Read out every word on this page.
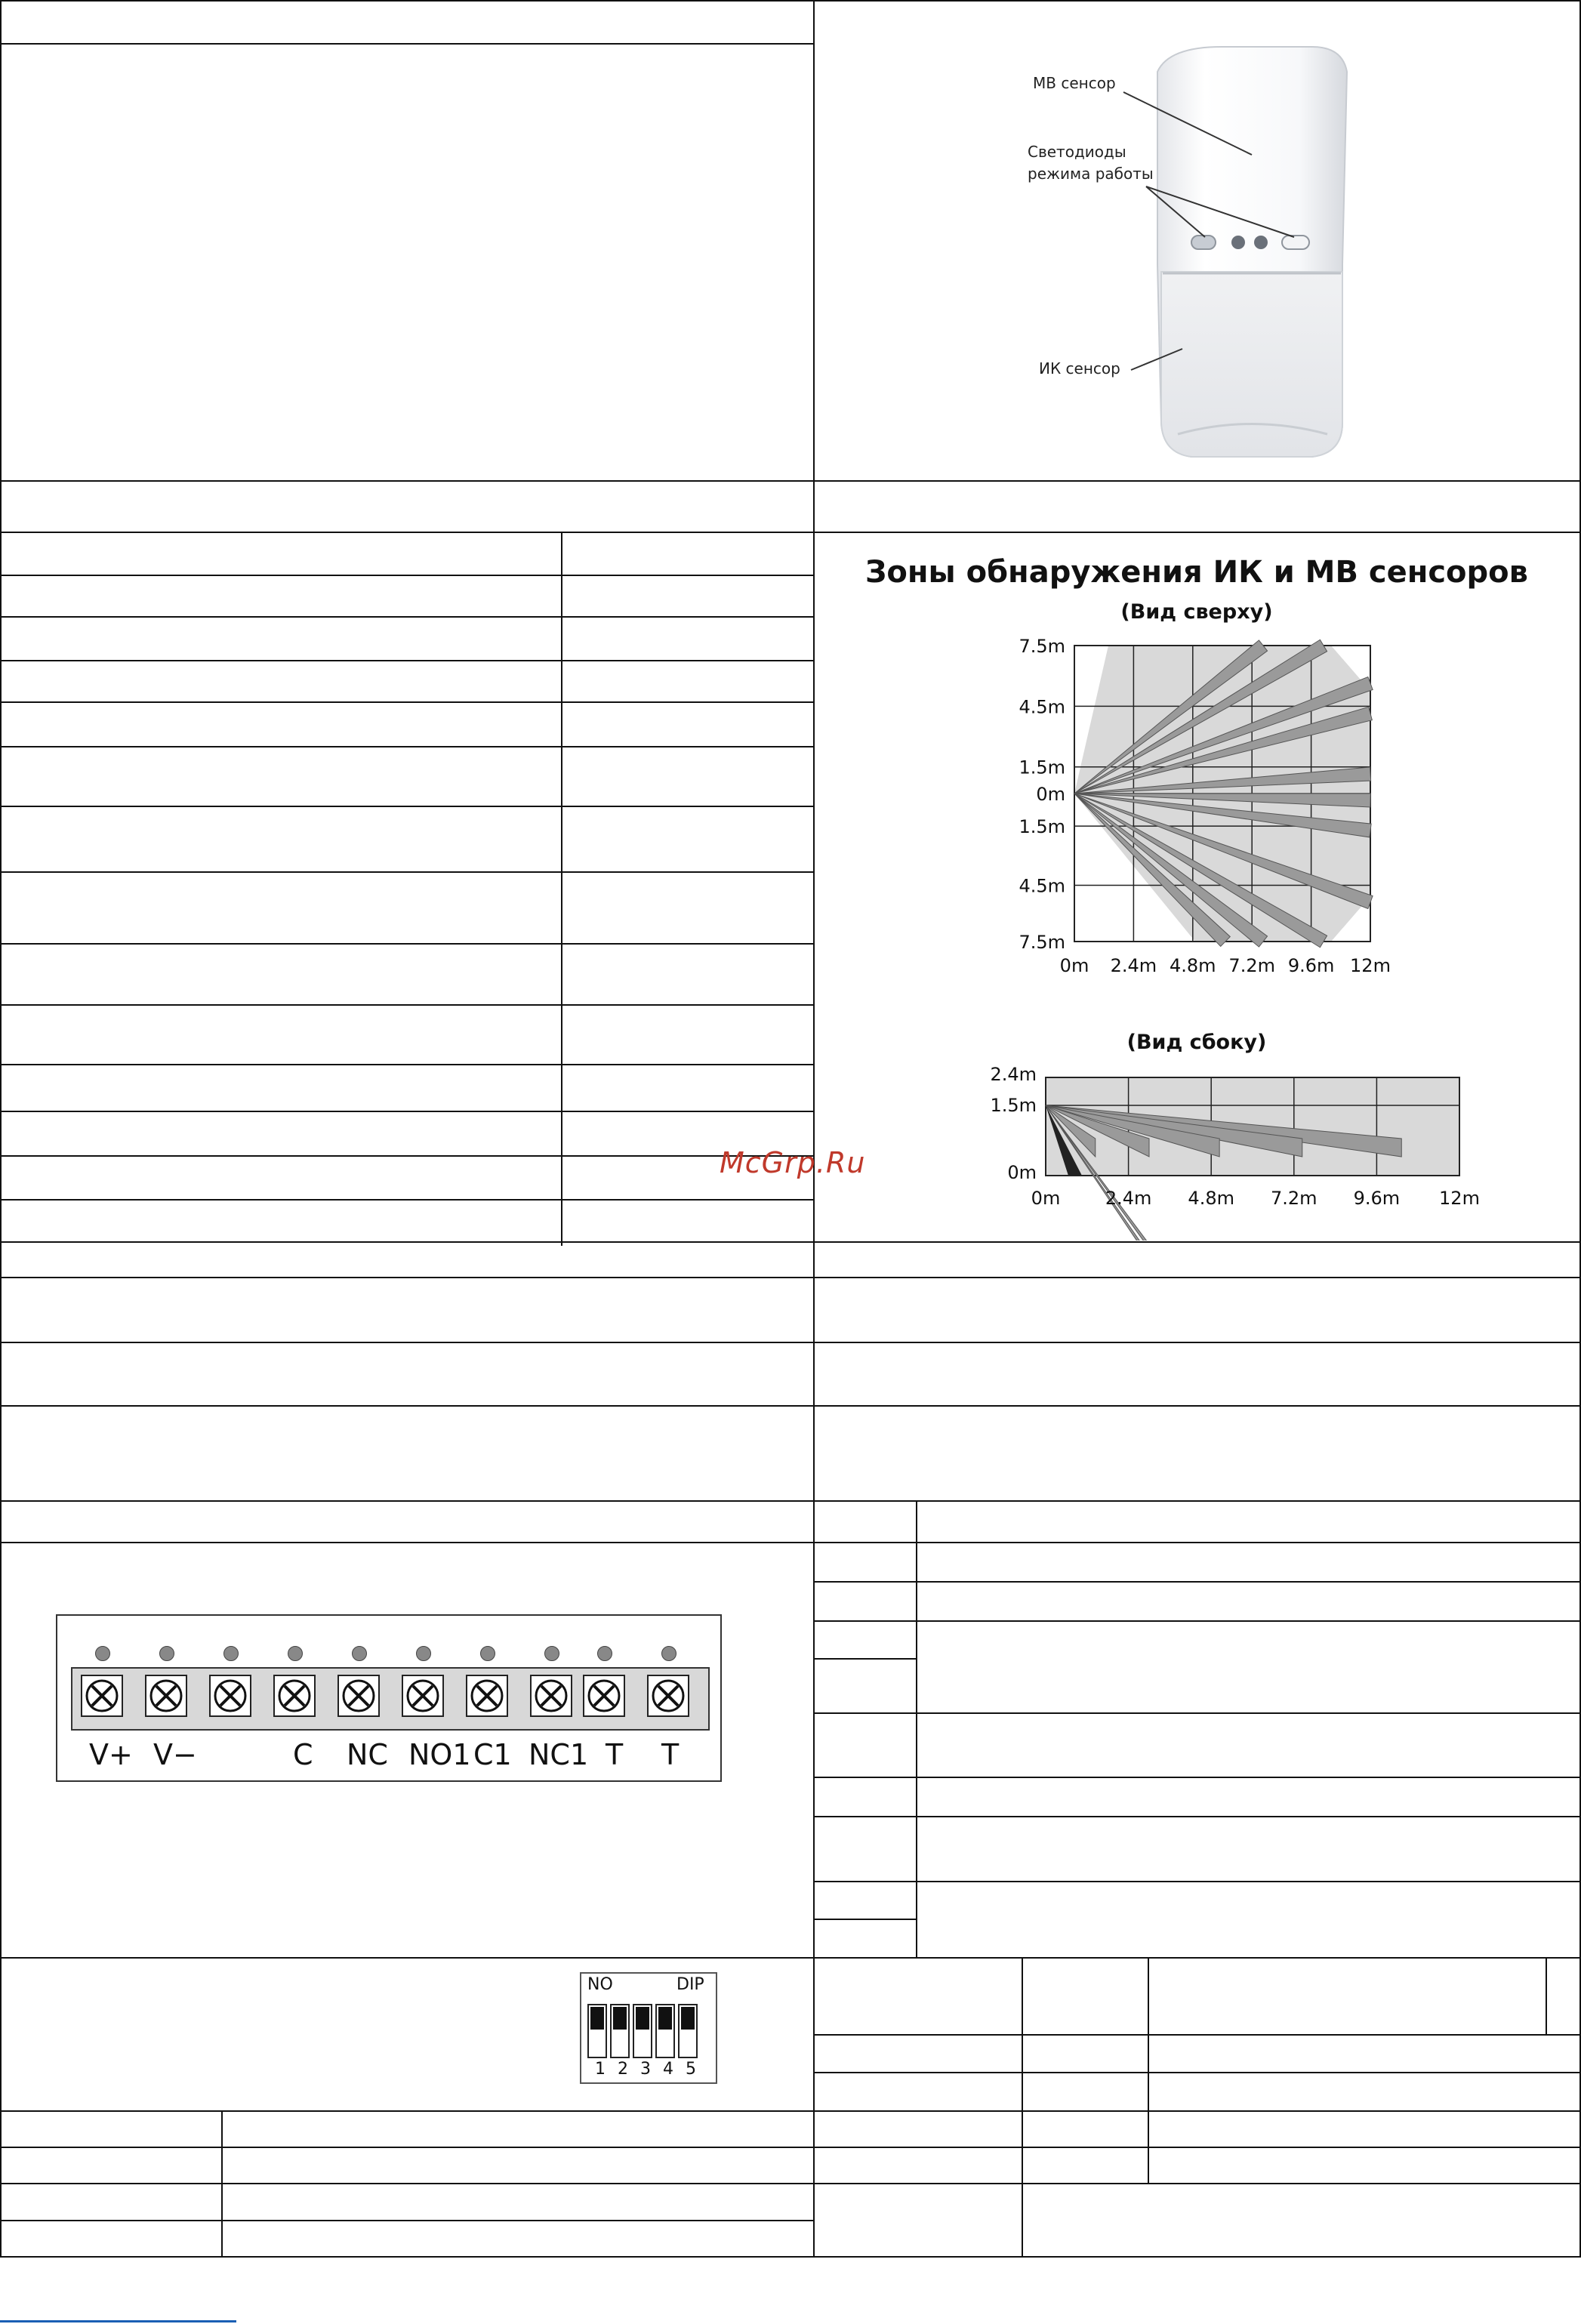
МВ сенсор
Светодиоды
режима работы
ИК сенсор
Зоны обнаружения ИК и МВ сенсоров
(Вид сверху)
(Вид сбоку)
7.5m
4.5m
1.5m
0m
1.5m
4.5m
7.5m
0m 2.4m 4.8m 7.2m 9.6m 12m
2.4m
1.5m
0m
0m 2.4m 4.8m 7.2m 9.6m 12m
McGrp.Ru
V+ V−	C NC NO1 C1 NC1 T T
NO	DIP
1 2 3 4 5
